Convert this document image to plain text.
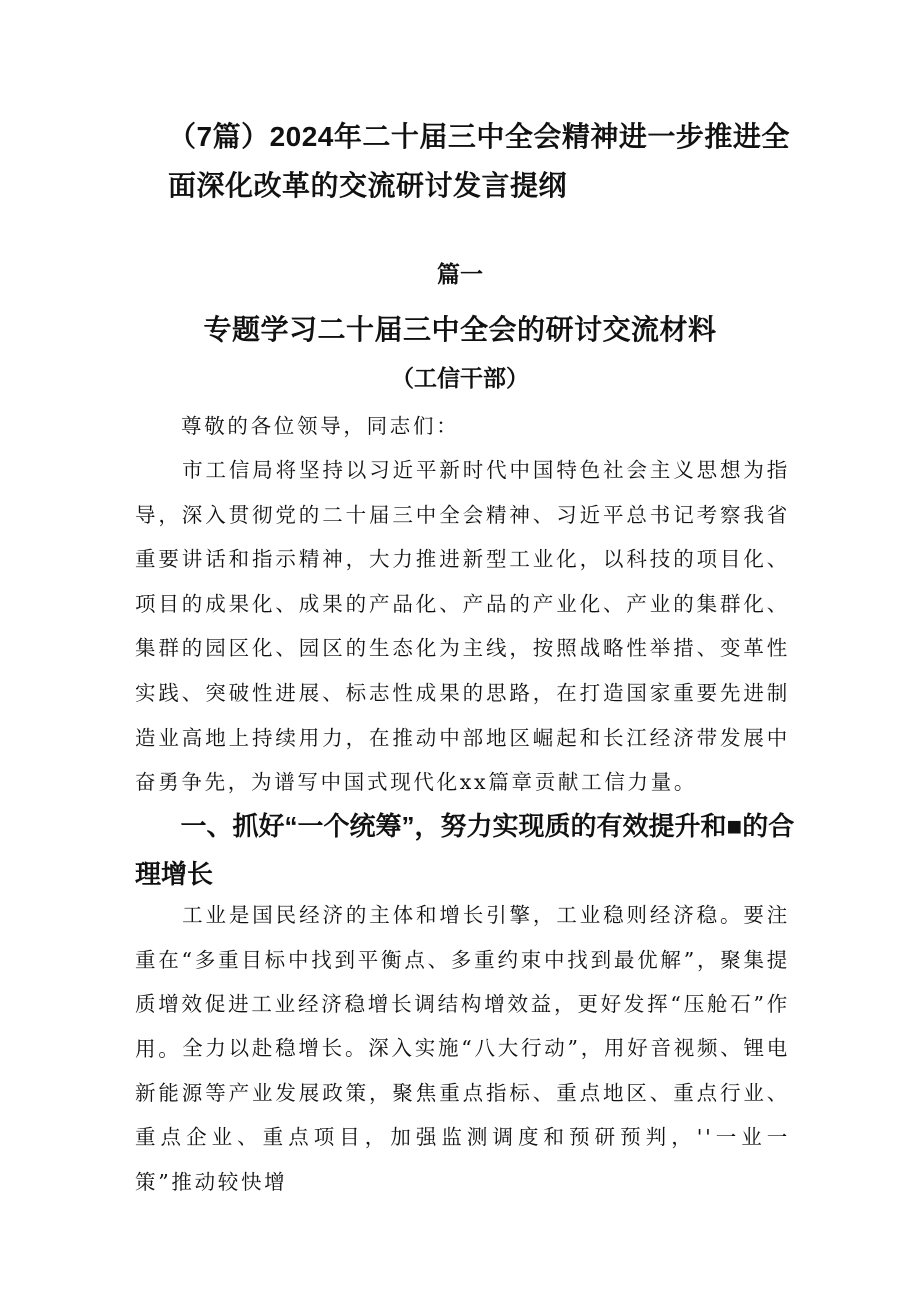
（7篇）2024年二十届三中全会精神进一步推进全面深化改革的交流研讨发言提纲

篇一

专题学习二十届三中全会的研讨交流材料

（工信干部）

尊敬的各位领导，同志们：

市工信局将坚持以习近平新时代中国特色社会主义思想为指导，深入贯彻党的二十届三中全会精神、习近平总书记考察我省重要讲话和指示精神，大力推进新型工业化，以科技的项目化、项目的成果化、成果的产品化、产品的产业化、产业的集群化、集群的园区化、园区的生态化为主线，按照战略性举措、变革性实践、突破性进展、标志性成果的思路，在打造国家重要先进制造业高地上持续用力，在推动中部地区崛起和长江经济带发展中奋勇争先，为谱写中国式现代化xx篇章贡献工信力量。

一、抓好“一个统筹”，努力实现质的有效提升和■的合理增长

工业是国民经济的主体和增长引擎，工业稳则经济稳。要注重在“多重目标中找到平衡点、多重约束中找到最优解”，聚集提质增效促进工业经济稳增长调结构增效益，更好发挥“压舱石”作用。 全力以赴稳增长。深入实施“八大行动”，用好音视频、锂电新能源等产业发展政策，聚焦重点指标、重点地区、重点行业、重点企业、重点项目，加强监测调度和预研预判，''一业一策”推动较快增
